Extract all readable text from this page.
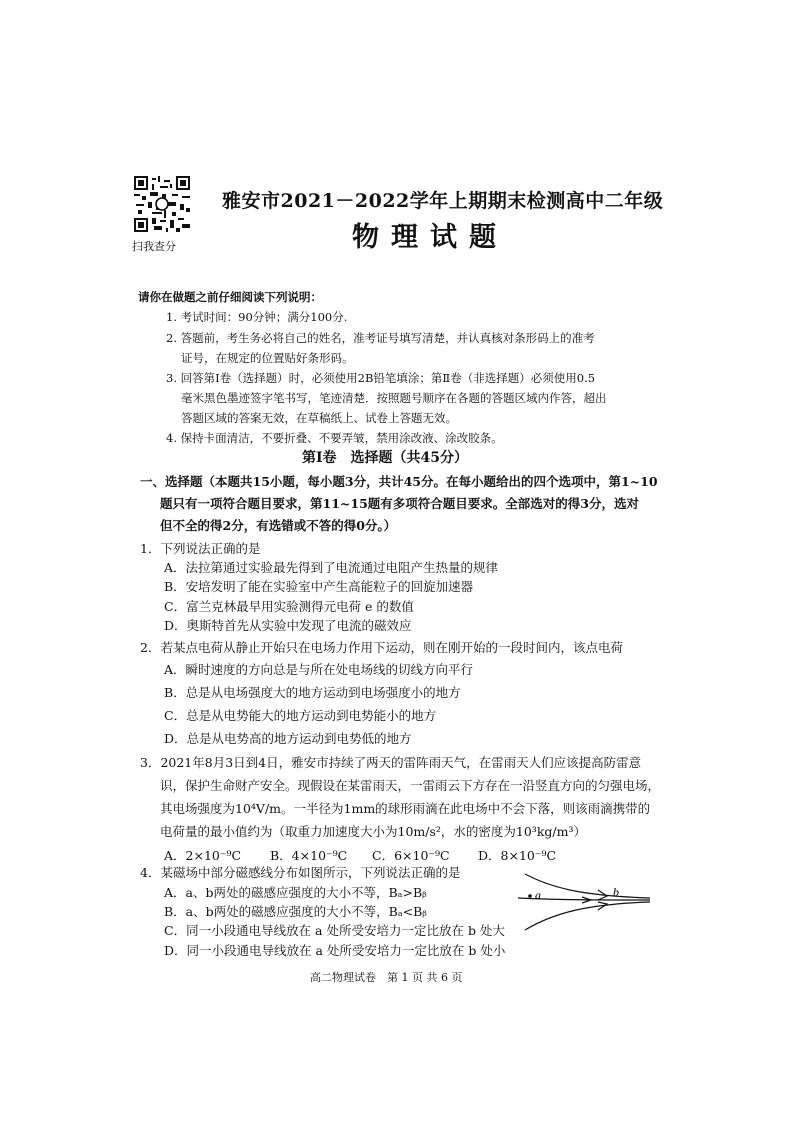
扫我查分
雅安市2021－2022学年上期期末检测高中二年级
物理试题
请你在做题之前仔细阅读下列说明：
1. 考试时间：90分钟；满分100分.
2. 答题前，考生务必将自己的姓名，准考证号填写清楚，并认真核对条形码上的准考
证号，在规定的位置贴好条形码。
3. 回答第Ⅰ卷（选择题）时，必须使用2B铅笔填涂；第Ⅱ卷（非选择题）必须使用0.5
毫米黑色墨迹签字笔书写，笔迹清楚．按照题号顺序在各题的答题区域内作答，超出
答题区域的答案无效，在草稿纸上、试卷上答题无效。
4. 保持卡面清洁，不要折叠、不要弄皱，禁用涂改液、涂改胶条。
第Ⅰ卷　选择题（共45分）
一、选择题（本题共15小题，每小题3分，共计45分。在每小题给出的四个选项中，第1~10
题只有一项符合题目要求，第11~15题有多项符合题目要求。全部选对的得3分，选对
但不全的得2分，有选错或不答的得0分。）
1．下列说法正确的是
A．法拉第通过实验最先得到了电流通过电阻产生热量的规律
B．安培发明了能在实验室中产生高能粒子的回旋加速器
C．富兰克林最早用实验测得元电荷 e 的数值
D．奥斯特首先从实验中发现了电流的磁效应
2．若某点电荷从静止开始只在电场力作用下运动，则在刚开始的一段时间内，该点电荷
A．瞬时速度的方向总是与所在处电场线的切线方向平行
B．总是从电场强度大的地方运动到电场强度小的地方
C．总是从电势能大的地方运动到电势能小的地方
D．总是从电势高的地方运动到电势低的地方
3．2021年8月3日到4日，雅安市持续了两天的雷阵雨天气，在雷雨天人们应该提高防雷意
识，保护生命财产安全。现假设在某雷雨天，一雷雨云下方存在一沿竖直方向的匀强电场，
其电场强度为10⁴V/m。一半径为1mm的球形雨滴在此电场中不会下落，则该雨滴携带的
电荷量的最小值约为（取重力加速度大小为10m/s²，水的密度为10³kg/m³）
A．2×10⁻⁹C B．4×10⁻⁹C C．6×10⁻⁹C D．8×10⁻⁹C
4．某磁场中部分磁感线分布如图所示，下列说法正确的是
A．a、b两处的磁感应强度的大小不等，Bₐ>Bᵦ
B．a、b两处的磁感应强度的大小不等，Bₐ<Bᵦ
C．同一小段通电导线放在 a 处所受安培力一定比放在 b 处大
D．同一小段通电导线放在 a 处所受安培力一定比放在 b 处小
a	b
高二物理试卷　第 1 页 共 6 页
